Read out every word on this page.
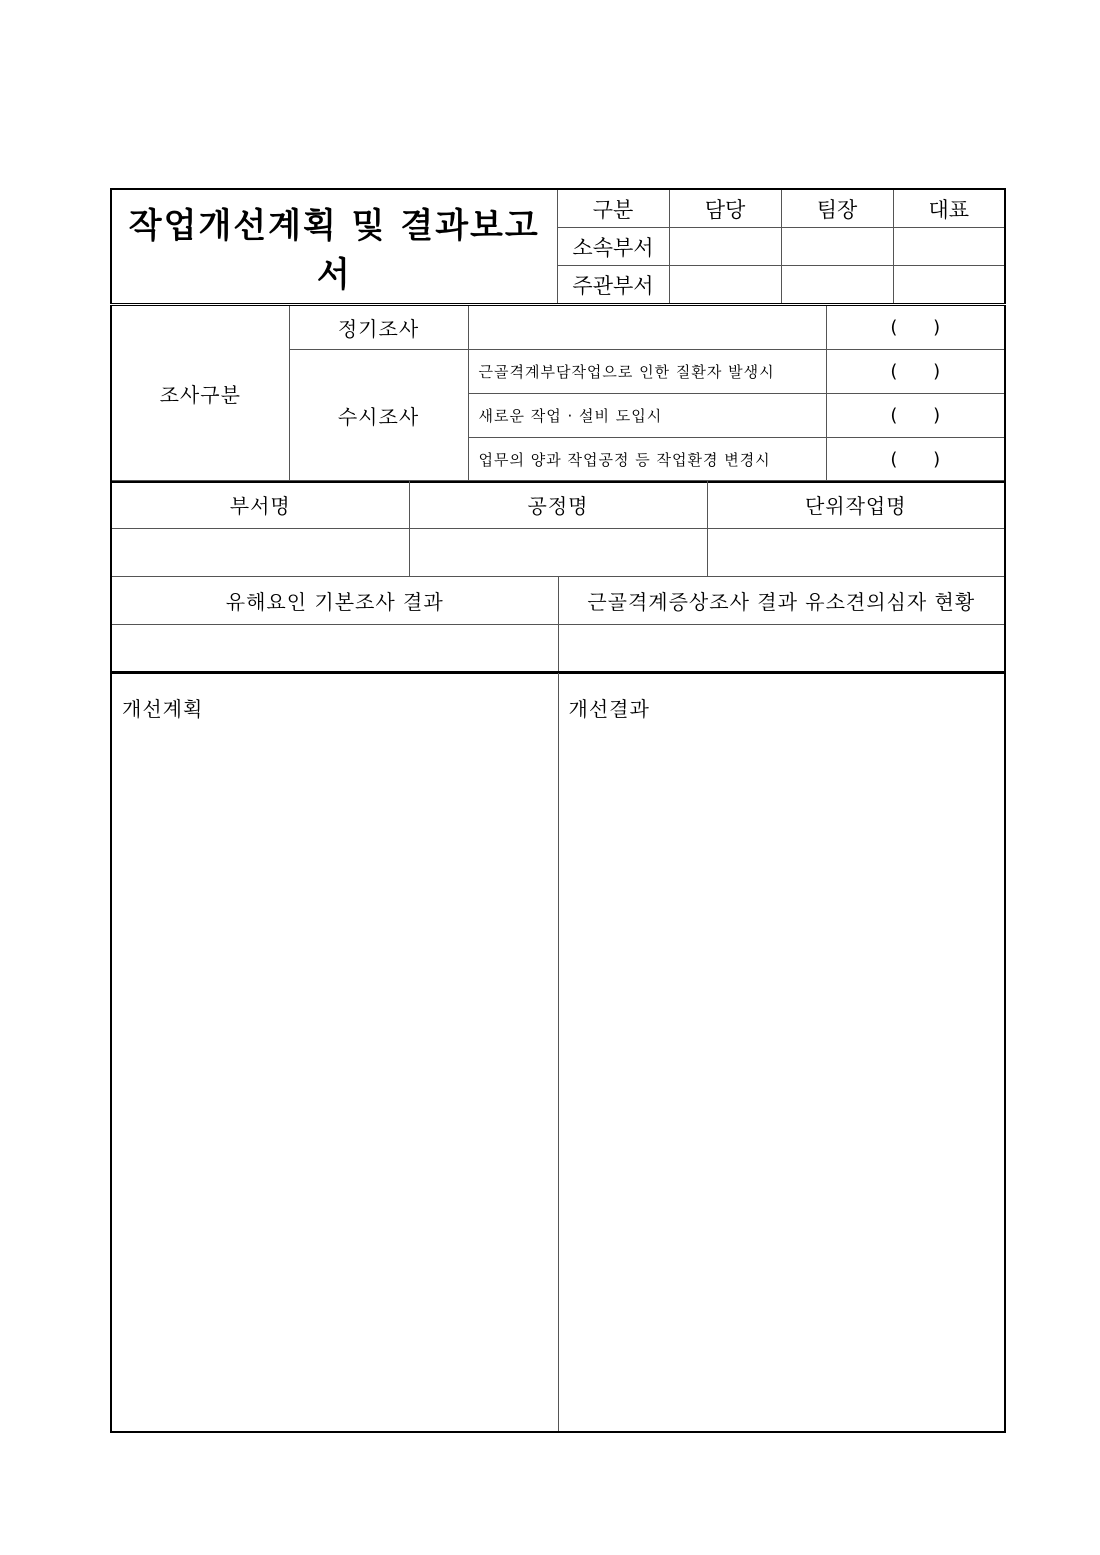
작업개선계획 및 결과보고서	구분	담당	팀장	대표
	소속부서			
	주관부서			
조사구분	정기조사		( )
	수시조사	근골격계부담작업으로 인한 질환자 발생시	( )
		새로운 작업 · 설비 도입시	( )
		업무의 양과 작업공정 등 작업환경 변경시	( )
부서명	공정명	단위작업명

유해요인 기본조사 결과	근골격계증상조사 결과 유소견의심자 현황

개선계획	개선결과
